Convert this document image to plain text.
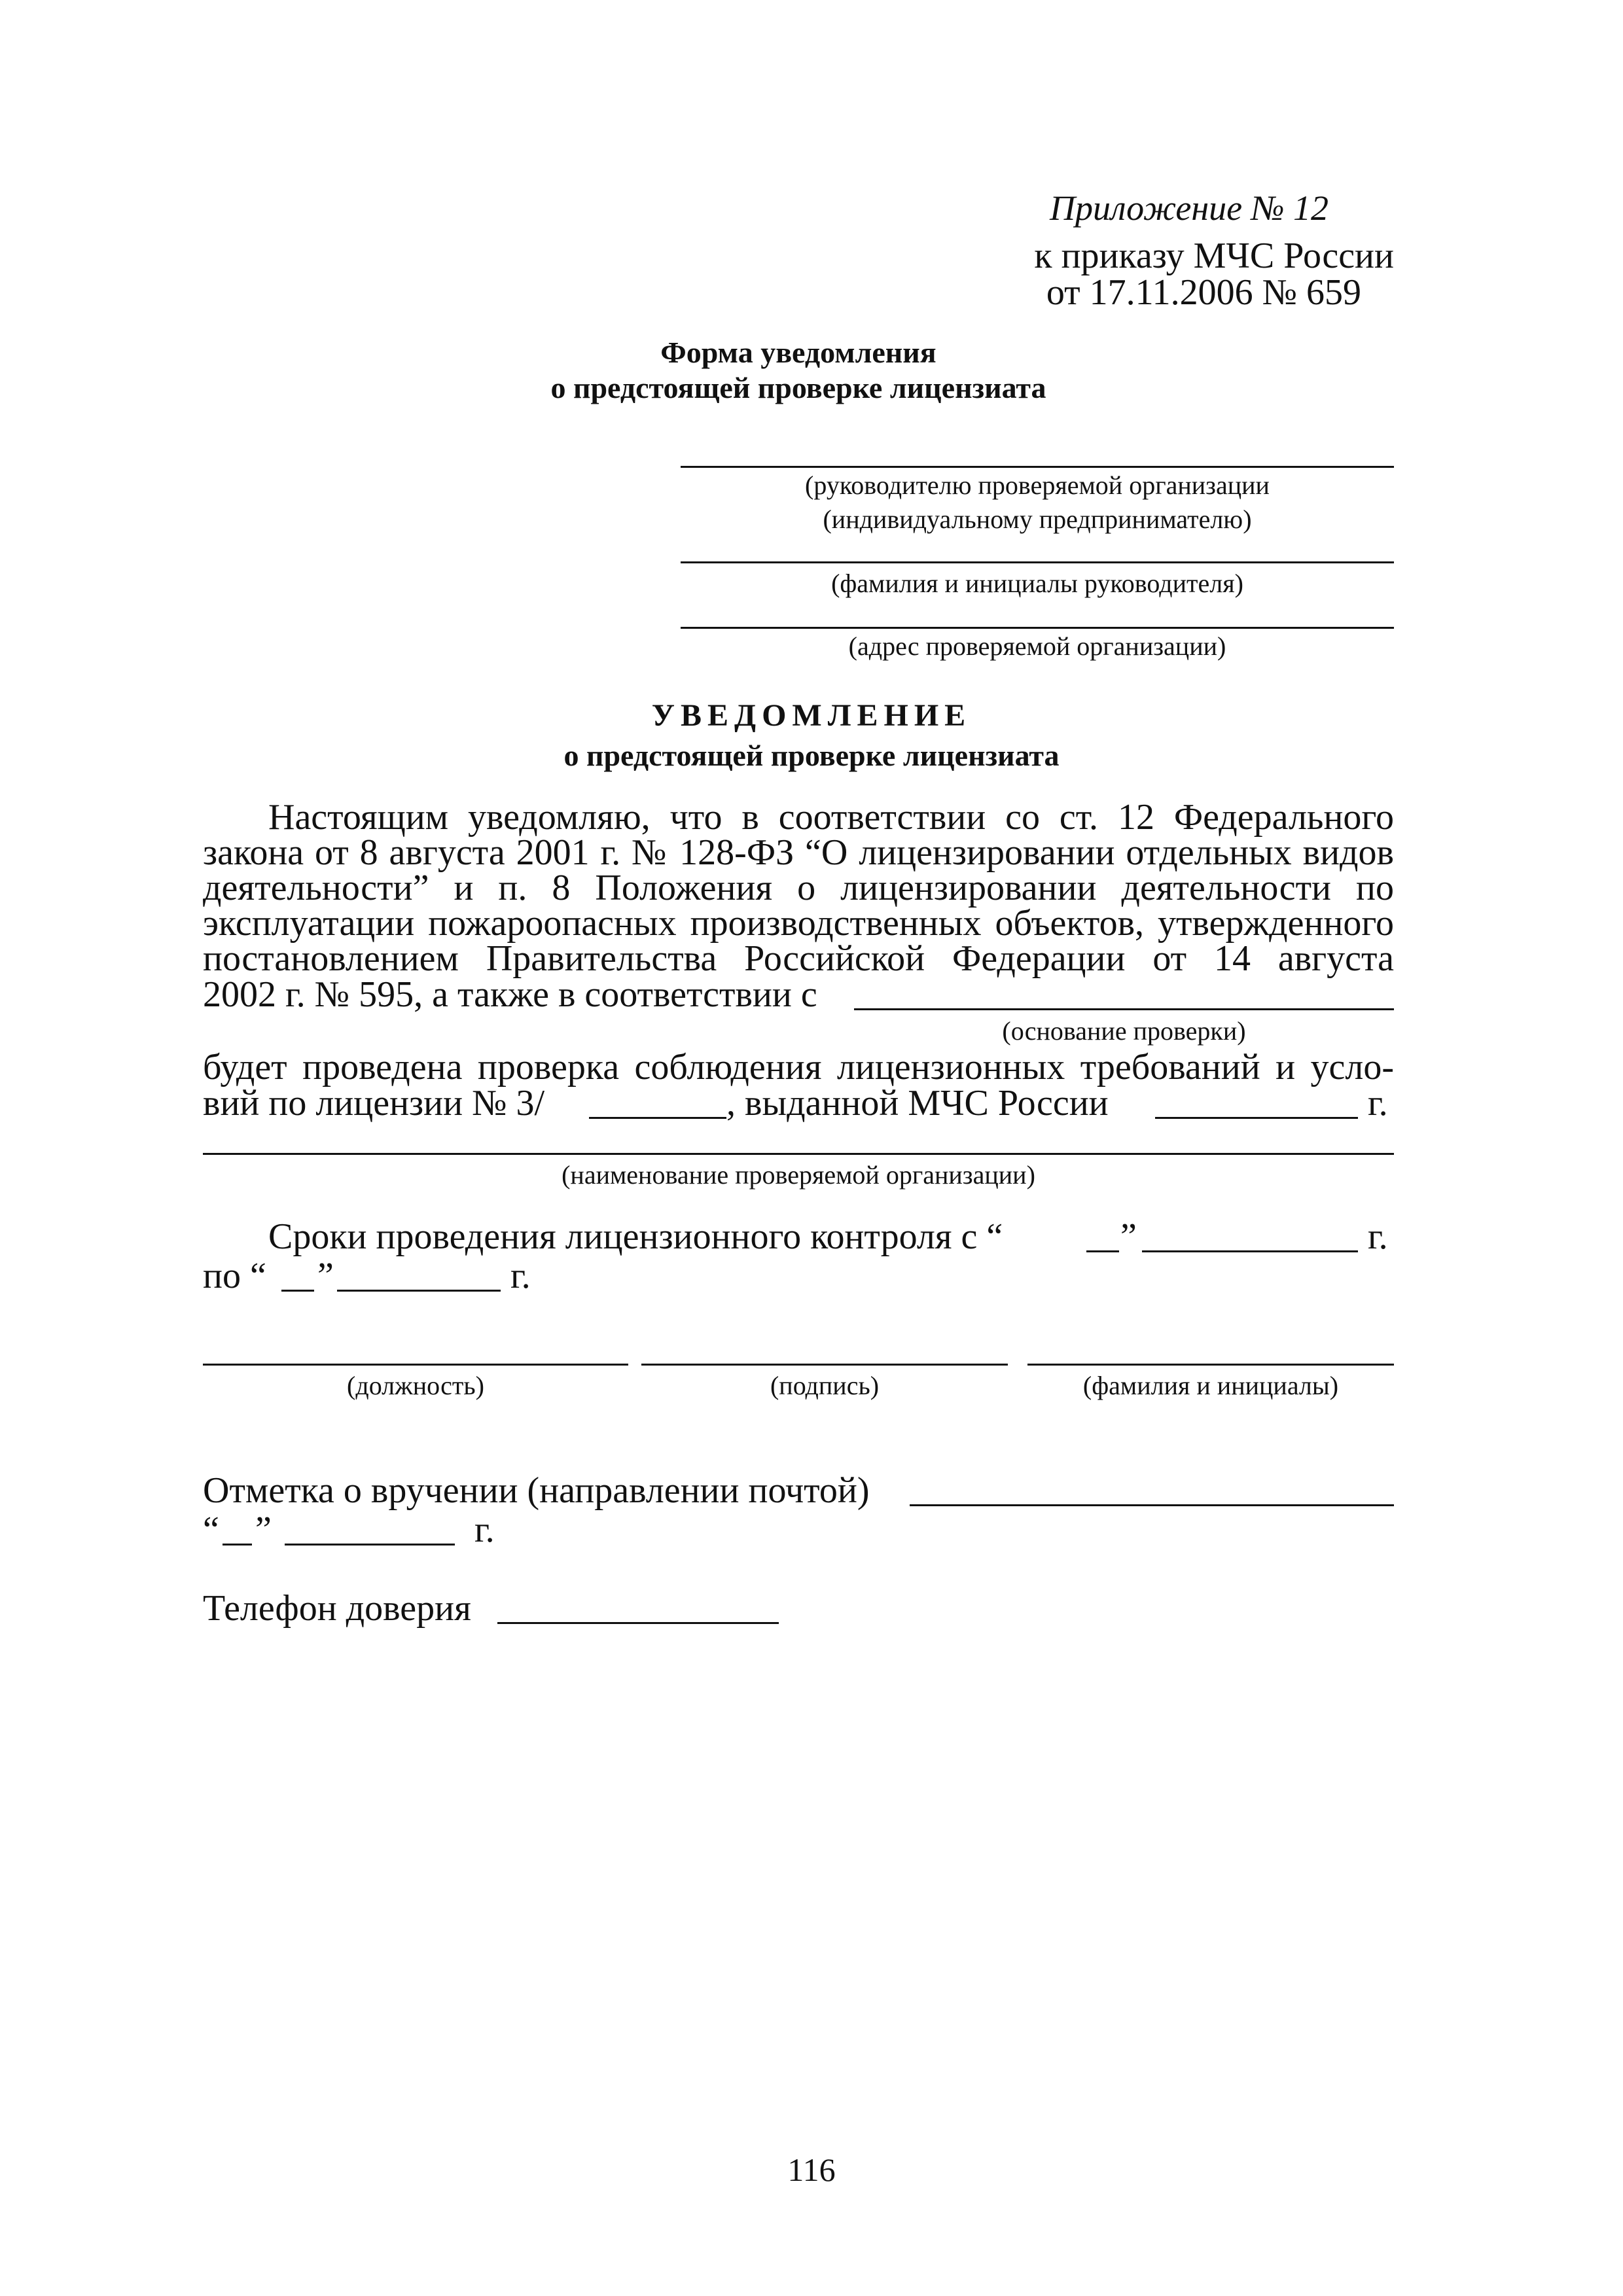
Приложение № 12
к приказу МЧС России
от 17.11.2006 № 659
Форма уведомления
о предстоящей проверке лицензиата
(руководителю проверяемой организации
(индивидуальному предпринимателю)
(фамилия и инициалы руководителя)
(адрес проверяемой организации)
УВЕДОМЛЕНИЕ
о предстоящей проверке лицензиата
Настоящим уведомляю, что в соответствии со ст. 12 Федерального
закона от 8 августа 2001 г. № 128-ФЗ “О лицензировании отдельных видов
деятельности” и п. 8 Положения о лицензировании деятельности по
эксплуатации пожароопасных производственных объектов, утвержденного
постановлением Правительства Российской Федерации от 14 августа
2002 г. № 595, а также в соответствии с
(основание проверки)
будет проведена проверка соблюдения лицензионных требований и усло-
вий по лицензии № 3/	, выданной МЧС России	г.
(наименование проверяемой организации)
Сроки проведения лицензионного контроля с “	”	г.
по “ ”	г.
(должность)	(подпись)	(фамилия и инициалы)
Отметка о вручении (направлении почтой)
“ ”	г.
Телефон доверия
116
